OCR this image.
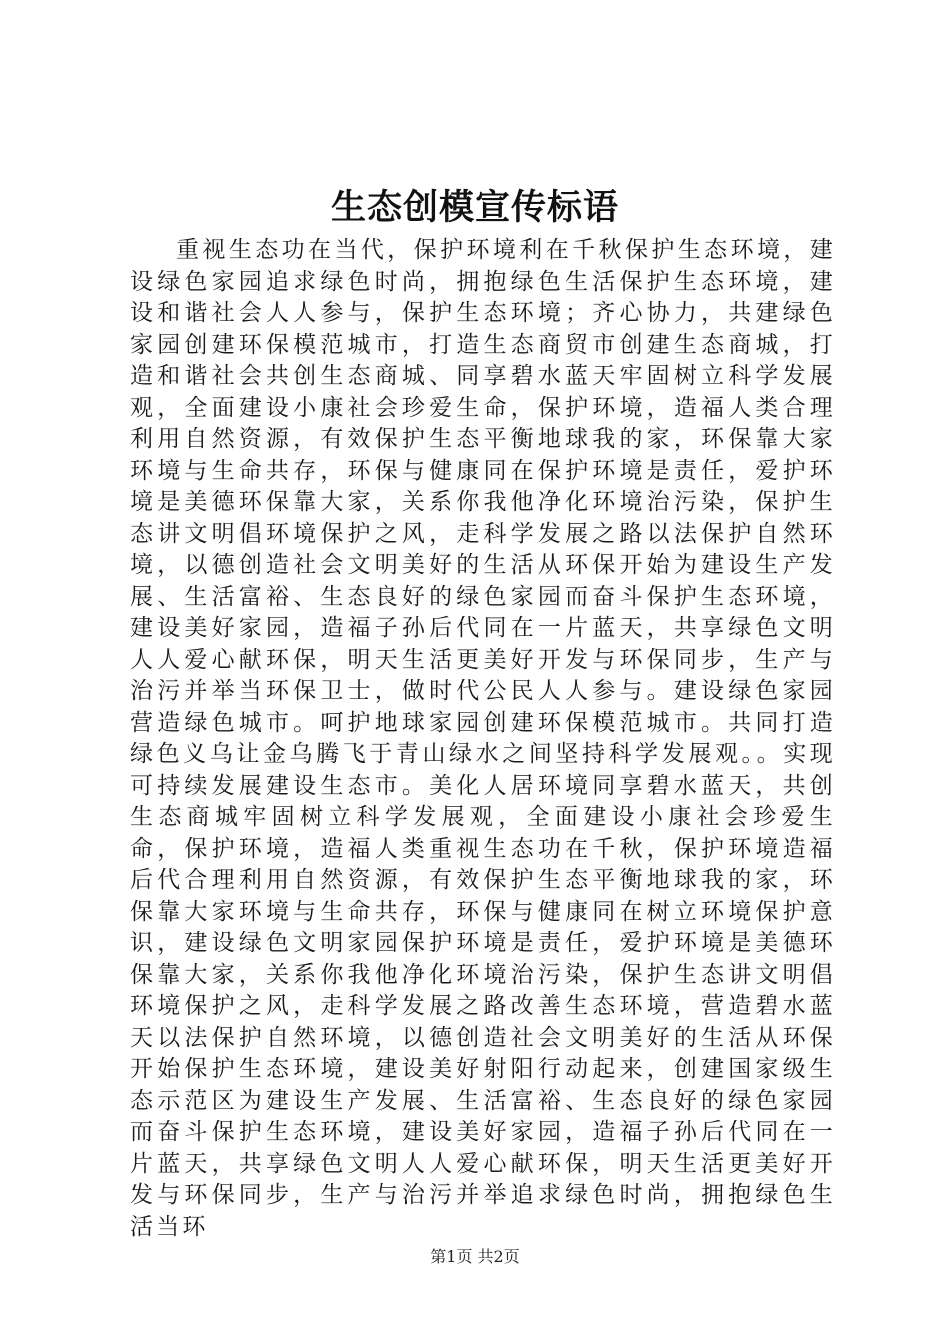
生态创模宣传标语

重视生态功在当代，保护环境利在千秋保护生态环境，建设绿色家园追求绿色时尚，拥抱绿色生活保护生态环境，建设和谐社会人人参与，保护生态环境；齐心协力，共建绿色家园创建环保模范城市，打造生态商贸市创建生态商城，打造和谐社会共创生态商城、同享碧水蓝天牢固树立科学发展观，全面建设小康社会珍爱生命，保护环境，造福人类合理利用自然资源，有效保护生态平衡地球我的家，环保靠大家环境与生命共存，环保与健康同在保护环境是责任，爱护环境是美德环保靠大家，关系你我他净化环境治污染，保护生态讲文明倡环境保护之风，走科学发展之路以法保护自然环境，以德创造社会文明美好的生活从环保开始为建设生产发展、生活富裕、生态良好的绿色家园而奋斗保护生态环境，建设美好家园，造福子孙后代同在一片蓝天，共享绿色文明人人爱心献环保，明天生活更美好开发与环保同步，生产与治污并举当环保卫士，做时代公民人人参与。建设绿色家园营造绿色城市。呵护地球家园创建环保模范城市。共同打造绿色义乌让金乌腾飞于青山绿水之间坚持科学发展观。。实现可持续发展建设生态市。美化人居环境同享碧水蓝天，共创生态商城牢固树立科学发展观，全面建设小康社会珍爱生命，保护环境，造福人类重视生态功在千秋，保护环境造福后代合理利用自然资源，有效保护生态平衡地球我的家，环保靠大家环境与生命共存，环保与健康同在树立环境保护意识，建设绿色文明家园保护环境是责任，爱护环境是美德环保靠大家，关系你我他净化环境治污染，保护生态讲文明倡环境保护之风，走科学发展之路改善生态环境，营造碧水蓝天以法保护自然环境，以德创造社会文明美好的生活从环保开始保护生态环境，建设美好射阳行动起来，创建国家级生态示范区为建设生产发展、生活富裕、生态良好的绿色家园而奋斗保护生态环境，建设美好家园，造福子孙后代同在一片蓝天，共享绿色文明人人爱心献环保，明天生活更美好开发与环保同步，生产与治污并举追求绿色时尚，拥抱绿色生活当环

第1页 共2页
